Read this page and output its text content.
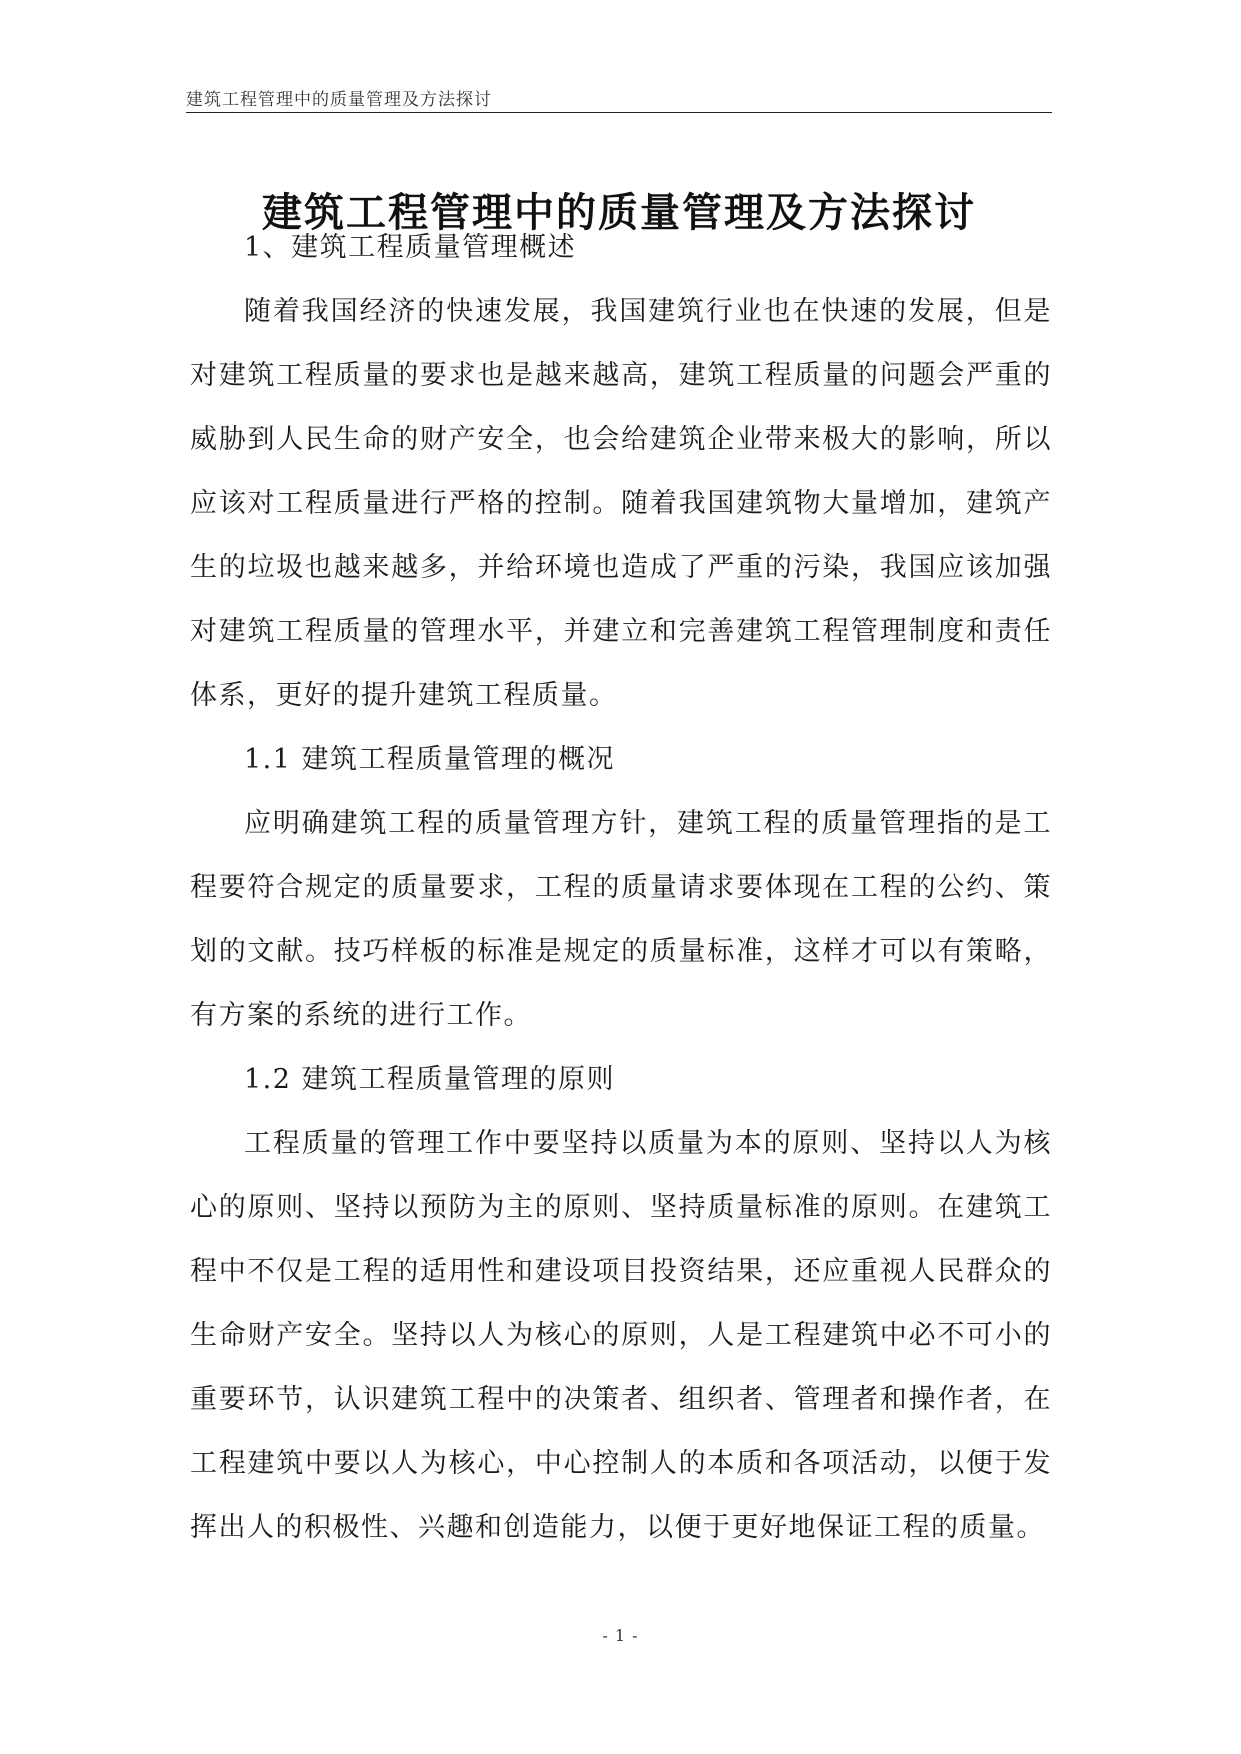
建筑工程管理中的质量管理及方法探讨
建筑工程管理中的质量管理及方法探讨

1、建筑工程质量管理概述

随着我国经济的快速发展，我国建筑行业也在快速的发展，但是对建筑工程质量的要求也是越来越高，建筑工程质量的问题会严重的威胁到人民生命的财产安全，也会给建筑企业带来极大的影响，所以应该对工程质量进行严格的控制。随着我国建筑物大量增加，建筑产生的垃圾也越来越多，并给环境也造成了严重的污染，我国应该加强对建筑工程质量的管理水平，并建立和完善建筑工程管理制度和责任体系，更好的提升建筑工程质量。

1.1 建筑工程质量管理的概况

应明确建筑工程的质量管理方针，建筑工程的质量管理指的是工程要符合规定的质量要求，工程的质量请求要体现在工程的公约、策划的文献。技巧样板的标准是规定的质量标准，这样才可以有策略，有方案的系统的进行工作。

1.2 建筑工程质量管理的原则

工程质量的管理工作中要坚持以质量为本的原则、坚持以人为核心的原则、坚持以预防为主的原则、坚持质量标准的原则。在建筑工程中不仅是工程的适用性和建设项目投资结果，还应重视人民群众的生命财产安全。坚持以人为核心的原则，人是工程建筑中必不可小的重要环节，认识建筑工程中的决策者、组织者、管理者和操作者，在工程建筑中要以人为核心，中心控制人的本质和各项活动，以便于发挥出人的积极性、兴趣和创造能力，以便于更好地保证工程的质量。

- 1 -
